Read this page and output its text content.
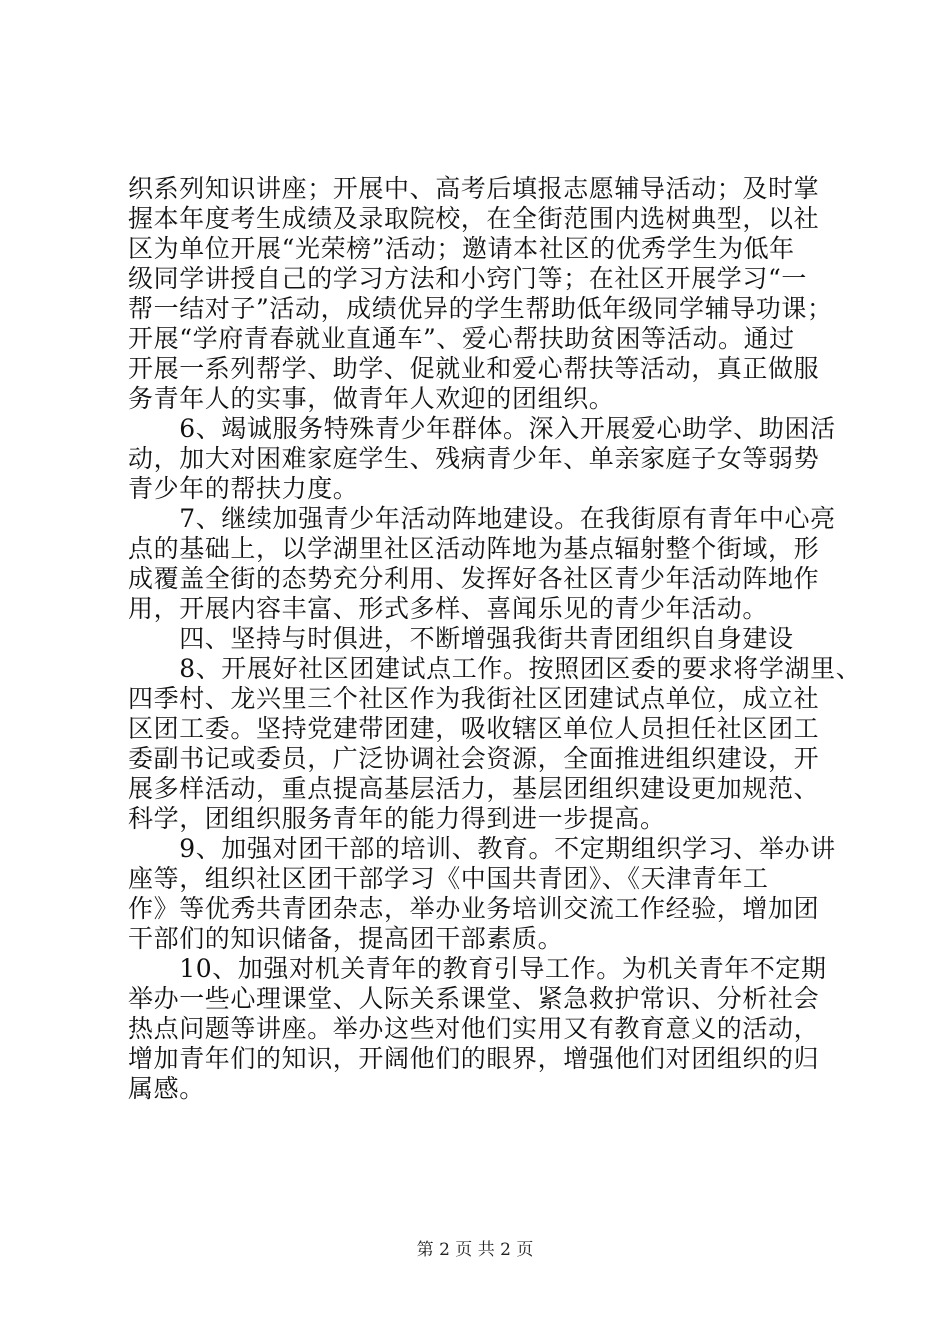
织系列知识讲座；开展中、高考后填报志愿辅导活动；及时掌
握本年度考生成绩及录取院校，在全街范围内选树典型，以社
区为单位开展“光荣榜”活动；邀请本社区的优秀学生为低年
级同学讲授自己的学习方法和小窍门等；在社区开展学习“一
帮一结对子”活动，成绩优异的学生帮助低年级同学辅导功课；
开展“学府青春就业直通车”、爱心帮扶助贫困等活动。通过
开展一系列帮学、助学、促就业和爱心帮扶等活动，真正做服
务青年人的实事，做青年人欢迎的团组织。
　　6、竭诚服务特殊青少年群体。深入开展爱心助学、助困活
动，加大对困难家庭学生、残病青少年、单亲家庭子女等弱势
青少年的帮扶力度。
　　7、继续加强青少年活动阵地建设。在我街原有青年中心亮
点的基础上，以学湖里社区活动阵地为基点辐射整个街域，形
成覆盖全街的态势充分利用、发挥好各社区青少年活动阵地作
用，开展内容丰富、形式多样、喜闻乐见的青少年活动。
　　四、坚持与时俱进，不断增强我街共青团组织自身建设
　　8、开展好社区团建试点工作。按照团区委的要求将学湖里、
四季村、龙兴里三个社区作为我街社区团建试点单位，成立社
区团工委。坚持党建带团建，吸收辖区单位人员担任社区团工
委副书记或委员，广泛协调社会资源，全面推进组织建设，开
展多样活动，重点提高基层活力，基层团组织建设更加规范、
科学，团组织服务青年的能力得到进一步提高。
　　9、加强对团干部的培训、教育。不定期组织学习、举办讲
座等，组织社区团干部学习《中国共青团》、《天津青年工
作》等优秀共青团杂志，举办业务培训交流工作经验，增加团
干部们的知识储备，提高团干部素质。
　　10、加强对机关青年的教育引导工作。为机关青年不定期
举办一些心理课堂、人际关系课堂、紧急救护常识、分析社会
热点问题等讲座。举办这些对他们实用又有教育意义的活动，
增加青年们的知识，开阔他们的眼界，增强他们对团组织的归
属感。
第 2 页 共 2 页
